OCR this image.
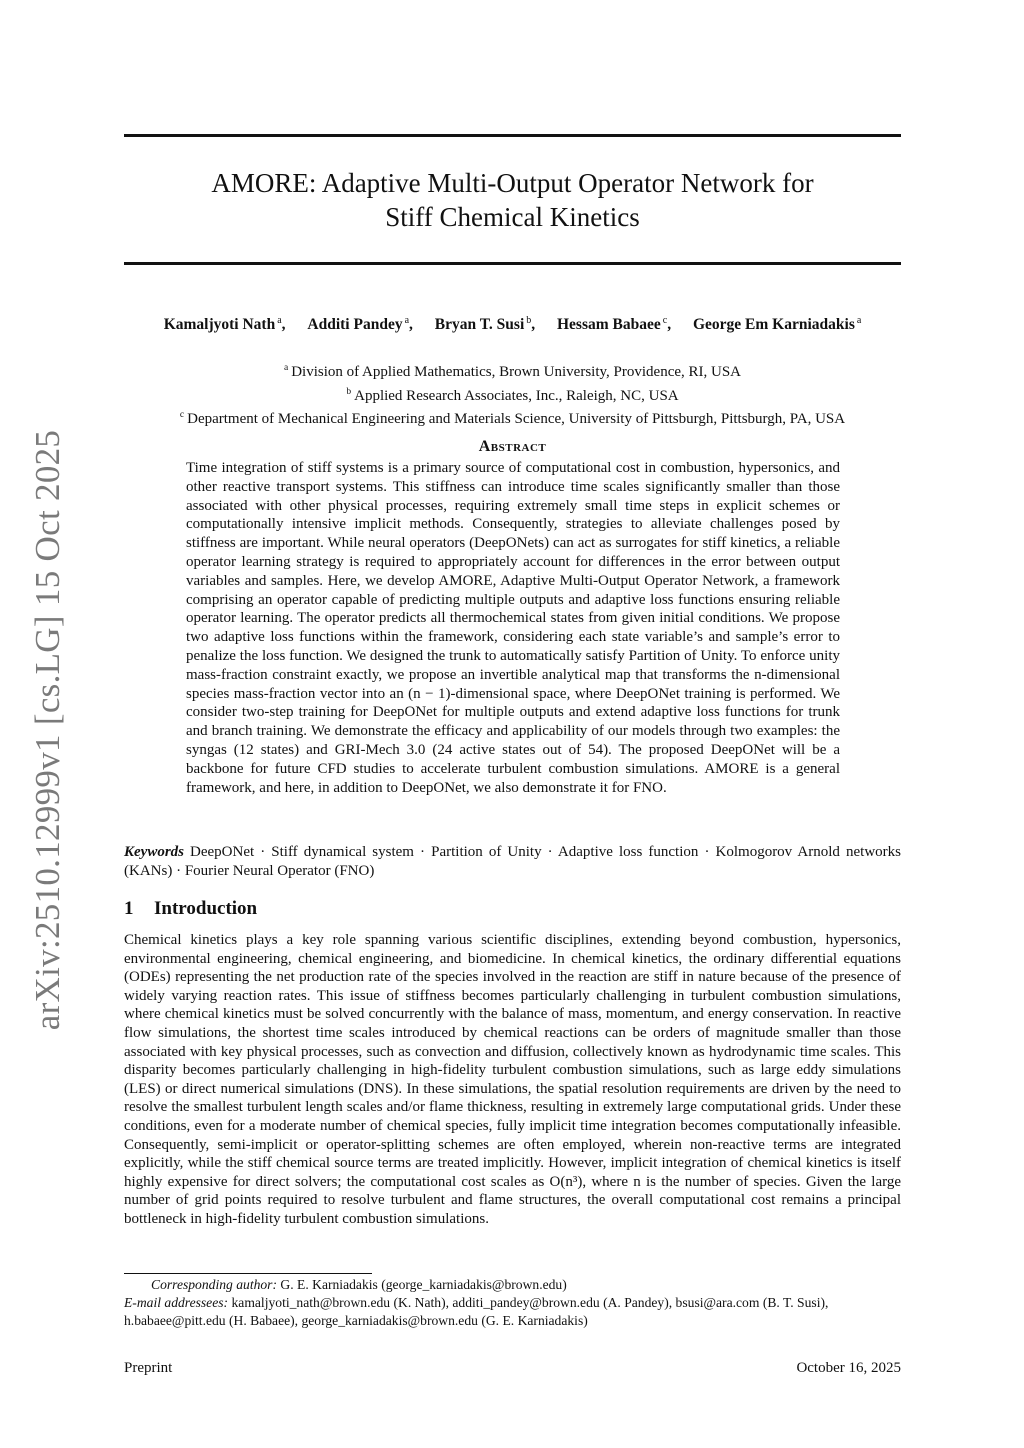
arXiv:2510.12999v1 [cs.LG] 15 Oct 2025
AMORE: Adaptive Multi-Output Operator Network for
Stiff Chemical Kinetics
Kamaljyoti Nath $^a$, Additi Pandey $^a$, Bryan T. Susi $^b$, Hessam Babaee $^c$, George Em Karniadakis $^a$
$^a$ Division of Applied Mathematics, Brown University, Providence, RI, USA
$^b$ Applied Research Associates, Inc., Raleigh, NC, USA
$^c$ Department of Mechanical Engineering and Materials Science, University of Pittsburgh, Pittsburgh, PA, USA
Abstract
Time integration of stiff systems is a primary source of computational cost in combustion, hypersonics, and other reactive transport systems. This stiffness can introduce time scales significantly smaller than those associated with other physical processes, requiring extremely small time steps in explicit schemes or computationally intensive implicit methods. Consequently, strategies to alleviate challenges posed by stiffness are important. While neural operators (DeepONets) can act as surrogates for stiff kinetics, a reliable operator learning strategy is required to appropriately account for differences in the error between output variables and samples. Here, we develop AMORE, Adaptive Multi-Output Operator Network, a framework comprising an operator capable of predicting multiple outputs and adaptive loss functions ensuring reliable operator learning. The operator predicts all thermochemical states from given initial conditions. We propose two adaptive loss functions within the framework, considering each state variable’s and sample’s error to penalize the loss function. We designed the trunk to automatically satisfy Partition of Unity. To enforce unity mass-fraction constraint exactly, we propose an invertible analytical map that transforms the n-dimensional species mass-fraction vector into an (n − 1)-dimensional space, where DeepONet training is performed. We consider two-step training for DeepONet for multiple outputs and extend adaptive loss functions for trunk and branch training. We demonstrate the efficacy and applicability of our models through two examples: the syngas (12 states) and GRI-Mech 3.0 (24 active states out of 54). The proposed DeepONet will be a backbone for future CFD studies to accelerate turbulent combustion simulations. AMORE is a general framework, and here, in addition to DeepONet, we also demonstrate it for FNO.
Keywords DeepONet · Stiff dynamical system · Partition of Unity · Adaptive loss function · Kolmogorov Arnold networks (KANs) · Fourier Neural Operator (FNO)
1 Introduction
Chemical kinetics plays a key role spanning various scientific disciplines, extending beyond combustion, hypersonics, environmental engineering, chemical engineering, and biomedicine. In chemical kinetics, the ordinary differential equations (ODEs) representing the net production rate of the species involved in the reaction are stiff in nature because of the presence of widely varying reaction rates. This issue of stiffness becomes particularly challenging in turbulent combustion simulations, where chemical kinetics must be solved concurrently with the balance of mass, momentum, and energy conservation. In reactive flow simulations, the shortest time scales introduced by chemical reactions can be orders of magnitude smaller than those associated with key physical processes, such as convection and diffusion, collectively known as hydrodynamic time scales. This disparity becomes particularly challenging in high-fidelity turbulent combustion simulations, such as large eddy simulations (LES) or direct numerical simulations (DNS). In these simulations, the spatial resolution requirements are driven by the need to resolve the smallest turbulent length scales and/or flame thickness, resulting in extremely large computational grids. Under these conditions, even for a moderate number of chemical species, fully implicit time integration becomes computationally infeasible. Consequently, semi-implicit or operator-splitting schemes are often employed, wherein non-reactive terms are integrated explicitly, while the stiff chemical source terms are treated implicitly. However, implicit integration of chemical kinetics is itself highly expensive for direct solvers; the computational cost scales as O(n³), where n is the number of species. Given the large number of grid points required to resolve turbulent and flame structures, the overall computational cost remains a principal bottleneck in high-fidelity turbulent combustion simulations.
Corresponding author: G. E. Karniadakis (george_karniadakis@brown.edu)
E-mail addressees: kamaljyoti_nath@brown.edu (K. Nath), additi_pandey@brown.edu (A. Pandey), bsusi@ara.com (B. T. Susi), h.babaee@pitt.edu (H. Babaee), george_karniadakis@brown.edu (G. E. Karniadakis)
Preprint	October 16, 2025
